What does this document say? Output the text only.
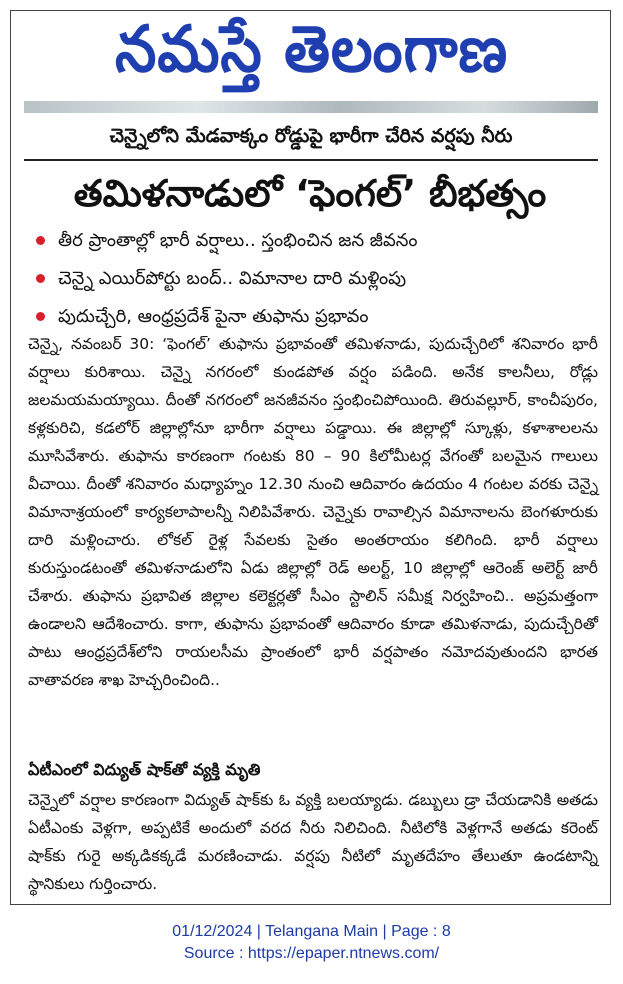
నమస్తే తెలంగాణ
చెన్నైలోని మేడవాక్కం రోడ్డుపై భారీగా చేరిన వర్షపు నీరు
తమిళనాడులో ‘ఫెంగల్’ బీభత్సం
తీర ప్రాంతాల్లో భారీ వర్షాలు.. స్తంభించిన జన జీవనం
చెన్నై ఎయిర్‌పోర్టు బంద్.. విమానాల దారి మళ్లింపు
పుదుచ్చేరి, ఆంధ్రప్రదేశ్ పైనా తుఫాను ప్రభావం

చెన్నై, నవంబర్ 30: ‘ఫెంగల్’ తుఫాను ప్రభావంతో తమిళనాడు, పుదుచ్చేరిలో శనివారం భారీ వర్షాలు కురిశాయి. చెన్నై నగరంలో కుండపోత వర్షం పడింది. అనేక కాలనీలు, రోడ్లు జలమయమయ్యాయి. దీంతో నగరంలో జనజీవనం స్తంభించిపోయింది. తిరువల్లూర్, కాంచీపురం, కళ్లకురిచి, కడలోర్ జిల్లాల్లోనూ భారీగా వర్షాలు పడ్డాయి. ఈ జిల్లాల్లో స్కూళ్లు, కళాశాలలను మూసివేశారు. తుఫాను కారణంగా గంటకు 80 – 90 కిలోమీటర్ల వేగంతో బలమైన గాలులు వీచాయి. దీంతో శనివారం మధ్యాహ్నం 12.30 నుంచి ఆదివారం ఉదయం 4 గంటల వరకు చెన్నై విమానాశ్రయంలో కార్యకలాపాలన్నీ నిలిపివేశారు. చెన్నైకు రావాల్సిన విమానాలను బెంగళూరుకు దారి మళ్లించారు. లోకల్ రైళ్ల సేవలకు సైతం అంతరాయం కలిగింది. భారీ వర్షాలు కురుస్తుండటంతో తమిళనాడులోని ఏడు జిల్లాల్లో రెడ్ అలర్ట్, 10 జిల్లాల్లో ఆరెంజ్ అలెర్ట్ జారీ చేశారు. తుఫాను ప్రభావిత జిల్లాల కలెక్టర్లతో సీఎం స్టాలిన్ సమీక్ష నిర్వహించి.. అప్రమత్తంగా ఉండాలని ఆదేశించారు. కాగా, తుఫాను ప్రభావంతో ఆదివారం కూడా తమిళనాడు, పుదుచ్చేరితో పాటు ఆంధ్రప్రదేశ్‌లోని రాయలసీమ ప్రాంతంలో భారీ వర్షపాతం నమోదవుతుందని భారత వాతావరణ శాఖ హెచ్చరించింది..

ఏటీఎంలో విద్యుత్ షాక్‌తో వ్యక్తి మృతి

చెన్నైలో వర్షాల కారణంగా విద్యుత్ షాక్‌కు ఓ వ్యక్తి బలయ్యాడు. డబ్బులు డ్రా చేయడానికి అతడు ఏటీఎంకు వెళ్లగా, అప్పటికే అందులో వరద నీరు నిలిచింది. నీటిలోకి వెళ్లగానే అతడు కరెంట్ షాక్‌కు గురై అక్కడికక్కడే మరణించాడు. వర్షపు నీటిలో మృతదేహం తేలుతూ ఉండటాన్ని స్థానికులు గుర్తించారు.

01/12/2024 | Telangana Main | Page : 8
Source : https://epaper.ntnews.com/
